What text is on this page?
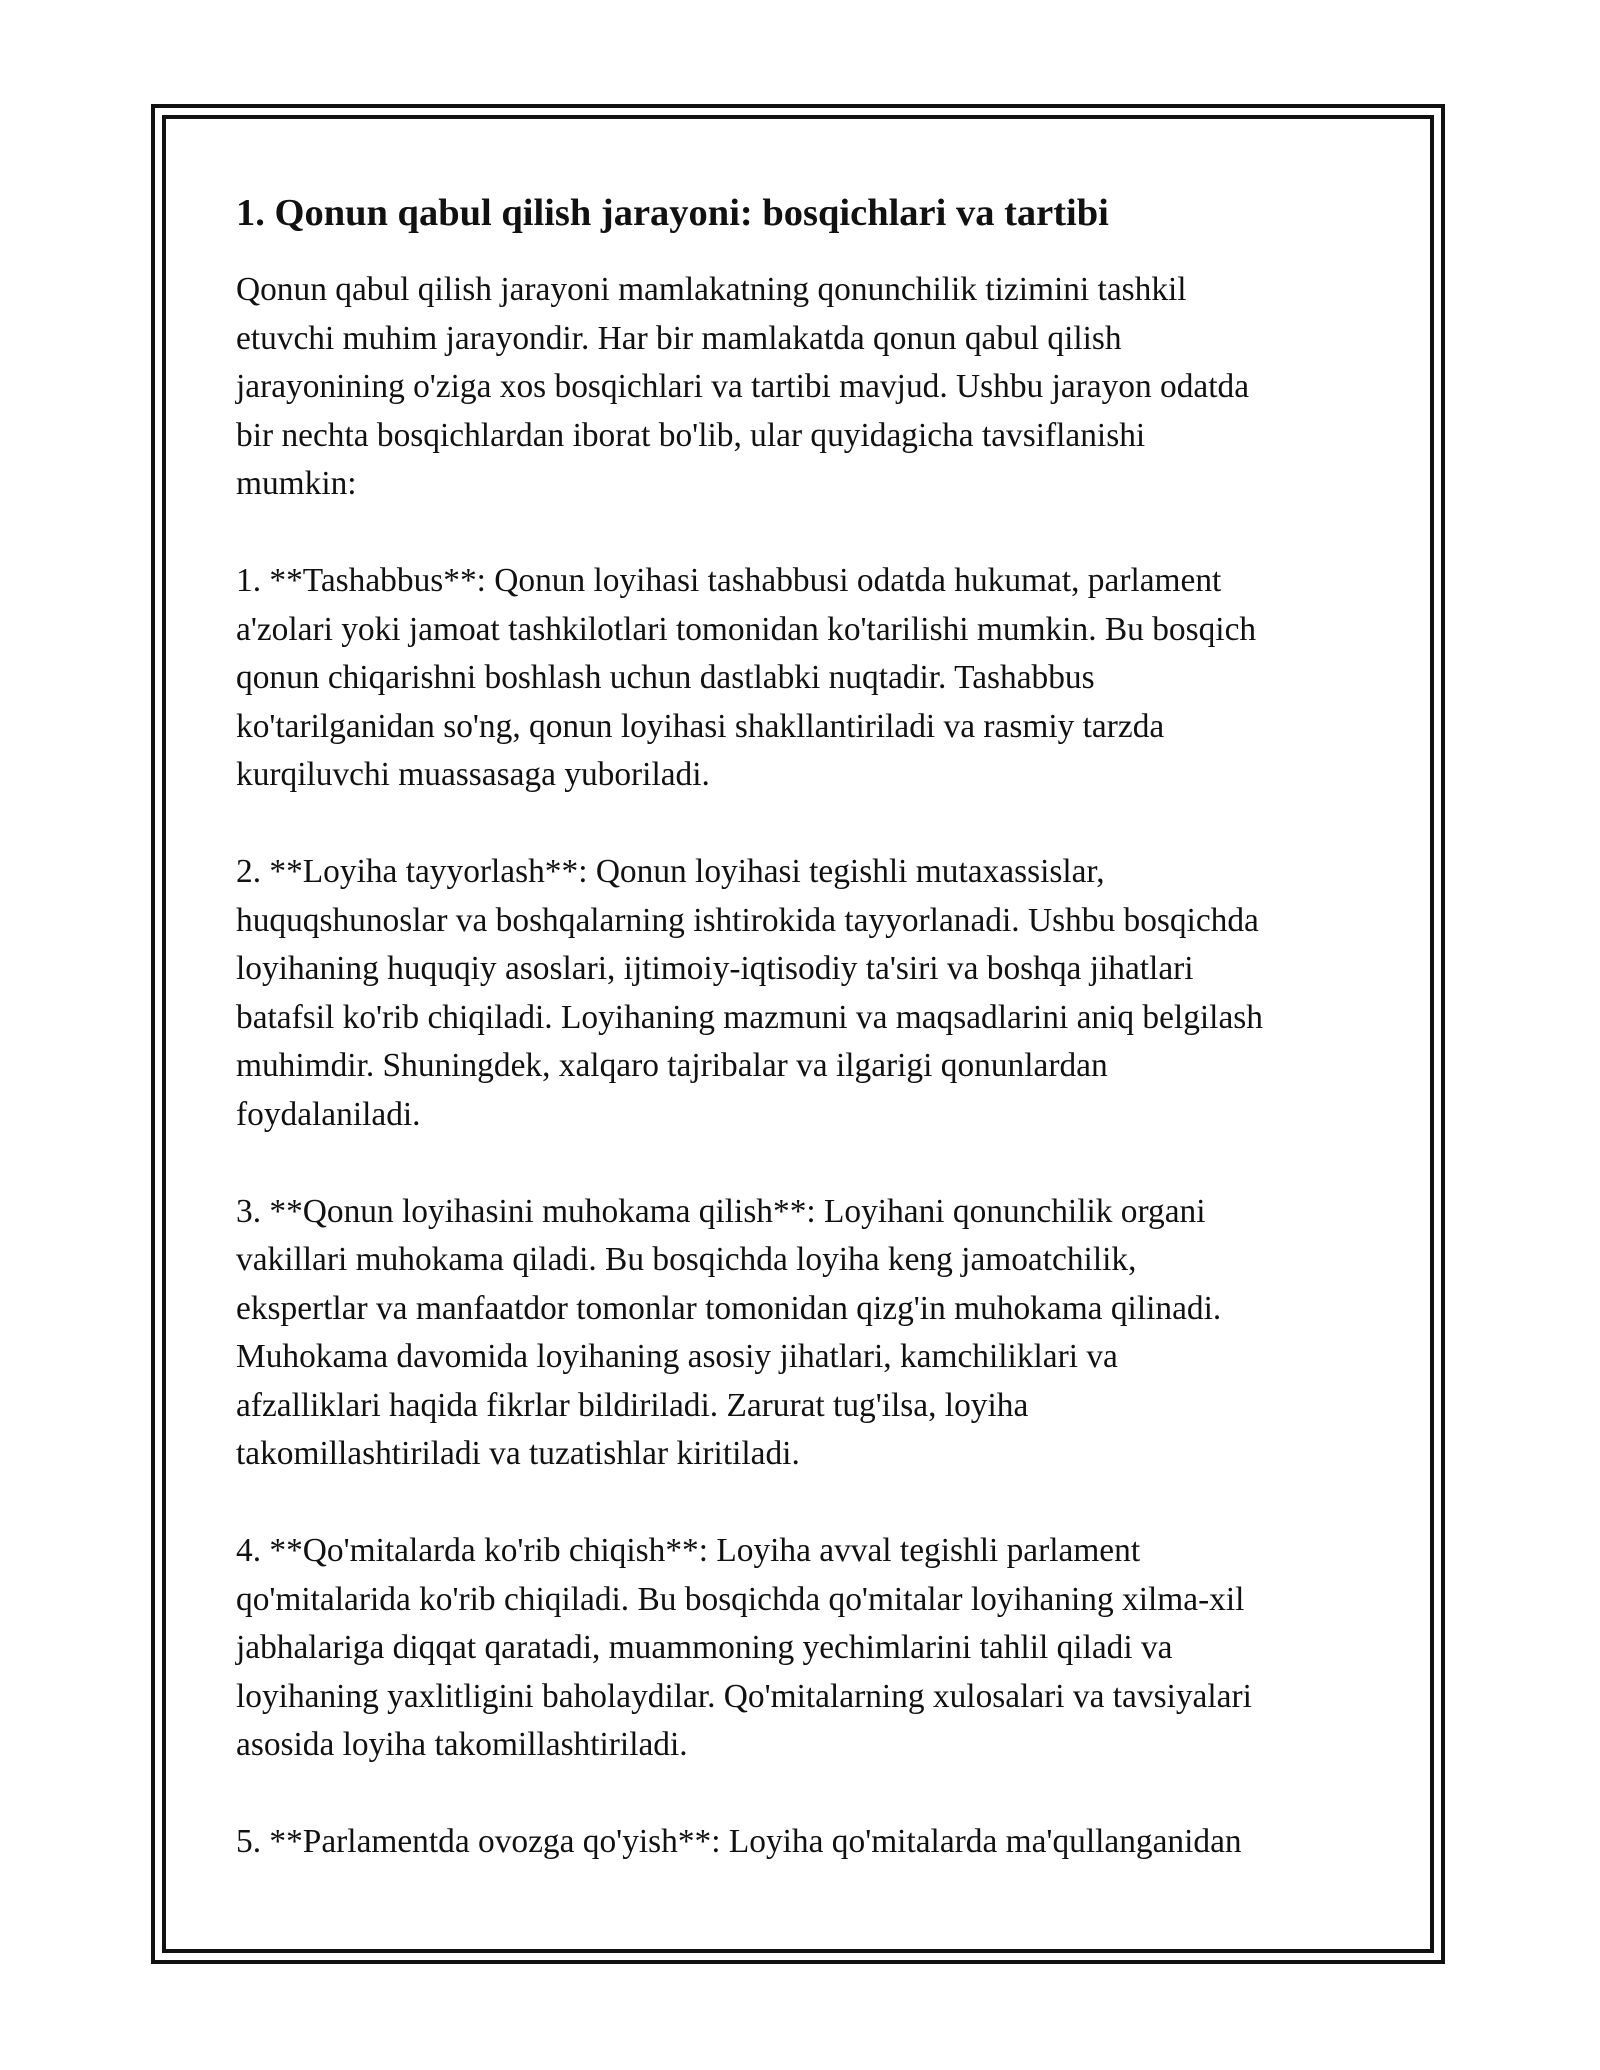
1. Qonun qabul qilish jarayoni: bosqichlari va tartibi
Qonun qabul qilish jarayoni mamlakatning qonunchilik tizimini tashkil
etuvchi muhim jarayondir. Har bir mamlakatda qonun qabul qilish
jarayonining o'ziga xos bosqichlari va tartibi mavjud. Ushbu jarayon odatda
bir nechta bosqichlardan iborat bo'lib, ular quyidagicha tavsiflanishi
mumkin:
1. **Tashabbus**: Qonun loyihasi tashabbusi odatda hukumat, parlament
a'zolari yoki jamoat tashkilotlari tomonidan ko'tarilishi mumkin. Bu bosqich
qonun chiqarishni boshlash uchun dastlabki nuqtadir. Tashabbus
ko'tarilganidan so'ng, qonun loyihasi shakllantiriladi va rasmiy tarzda
kurqiluvchi muassasaga yuboriladi.
2. **Loyiha tayyorlash**: Qonun loyihasi tegishli mutaxassislar,
huquqshunoslar va boshqalarning ishtirokida tayyorlanadi. Ushbu bosqichda
loyihaning huquqiy asoslari, ijtimoiy-iqtisodiy ta'siri va boshqa jihatlari
batafsil ko'rib chiqiladi. Loyihaning mazmuni va maqsadlarini aniq belgilash
muhimdir. Shuningdek, xalqaro tajribalar va ilgarigi qonunlardan
foydalaniladi.
3. **Qonun loyihasini muhokama qilish**: Loyihani qonunchilik organi
vakillari muhokama qiladi. Bu bosqichda loyiha keng jamoatchilik,
ekspertlar va manfaatdor tomonlar tomonidan qizg'in muhokama qilinadi.
Muhokama davomida loyihaning asosiy jihatlari, kamchiliklari va
afzalliklari haqida fikrlar bildiriladi. Zarurat tug'ilsa, loyiha
takomillashtiriladi va tuzatishlar kiritiladi.
4. **Qo'mitalarda ko'rib chiqish**: Loyiha avval tegishli parlament
qo'mitalarida ko'rib chiqiladi. Bu bosqichda qo'mitalar loyihaning xilma-xil
jabhalariga diqqat qaratadi, muammoning yechimlarini tahlil qiladi va
loyihaning yaxlitligini baholaydilar. Qo'mitalarning xulosalari va tavsiyalari
asosida loyiha takomillashtiriladi.
5. **Parlamentda ovozga qo'yish**: Loyiha qo'mitalarda ma'qullanganidan
